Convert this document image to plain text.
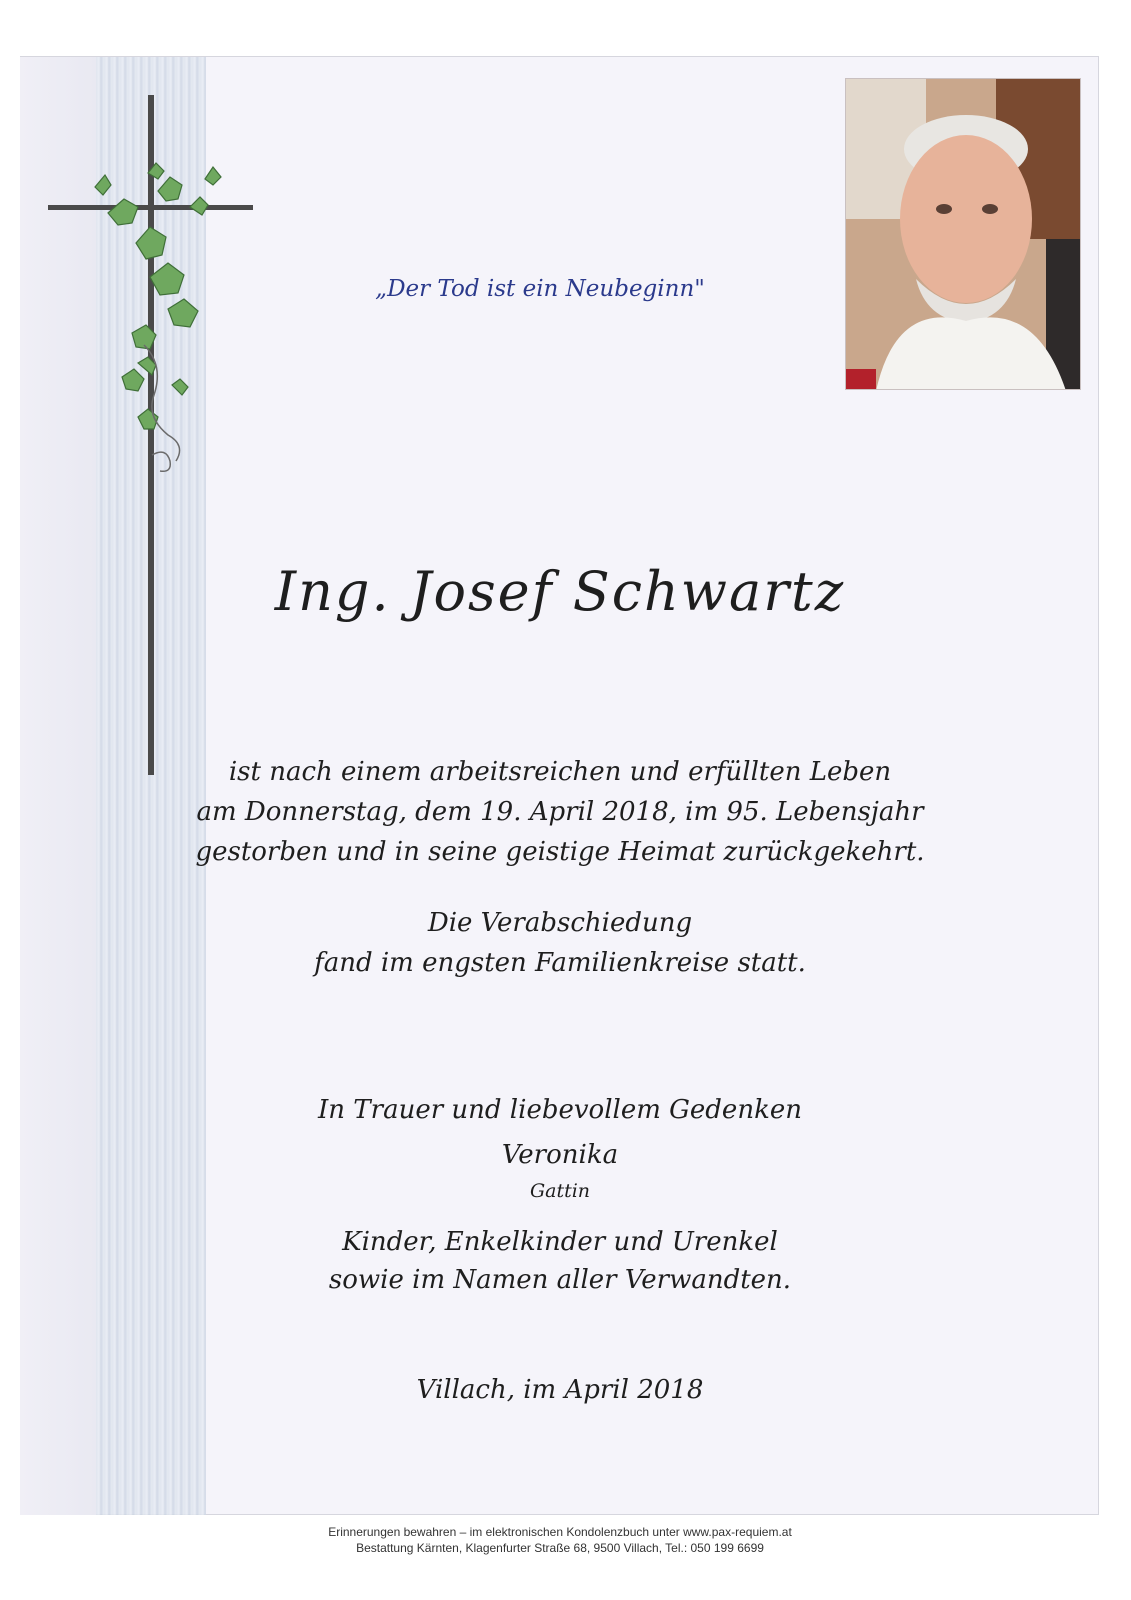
„Der Tod ist ein Neubeginn"
Ing. Josef Schwartz
ist nach einem arbeitsreichen und erfüllten Leben
am Donnerstag, dem 19. April 2018, im 95. Lebensjahr
gestorben und in seine geistige Heimat zurückgekehrt.
Die Verabschiedung
fand im engsten Familienkreise statt.
In Trauer und liebevollem Gedenken
Veronika
Gattin
Kinder, Enkelkinder und Urenkel
sowie im Namen aller Verwandten.
Villach, im April 2018
Erinnerungen bewahren – im elektronischen Kondolenzbuch unter www.pax-requiem.at
Bestattung Kärnten, Klagenfurter Straße 68, 9500 Villach, Tel.: 050 199 6699
